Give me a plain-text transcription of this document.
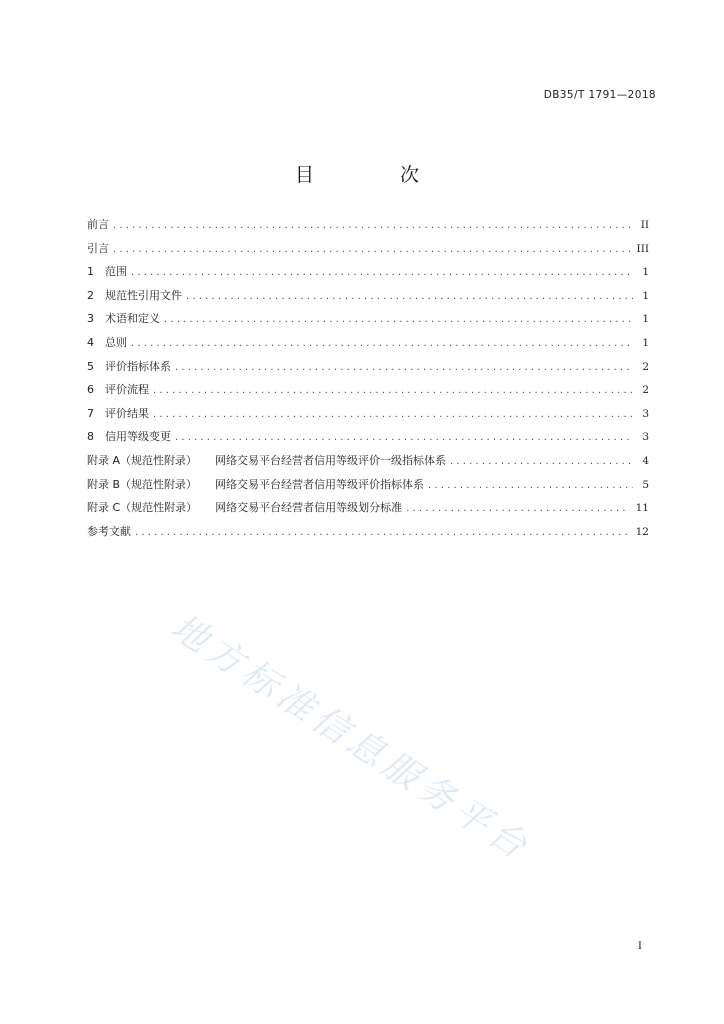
DB35/T 1791—2018
目 次
前言 . . .	II
引言 . . .	III
1	范围 . . .	1
2	规范性引用文件 . . .	1
3	术语和定义 . . .	1
4	总则 . . .	1
5	评价指标体系 . . .	2
6	评价流程 . . .	2
7	评价结果 . . .	3
8	信用等级变更 . . .	3
附录 A（规范性附录） 网络交易平台经营者信用等级评价一级指标体系 . . .	4
附录 B（规范性附录） 网络交易平台经营者信用等级评价指标体系 . . .	5
附录 C（规范性附录） 网络交易平台经营者信用等级划分标准 . . .	11
参考文献 . . .	12
地方标准信息服务平台
I
